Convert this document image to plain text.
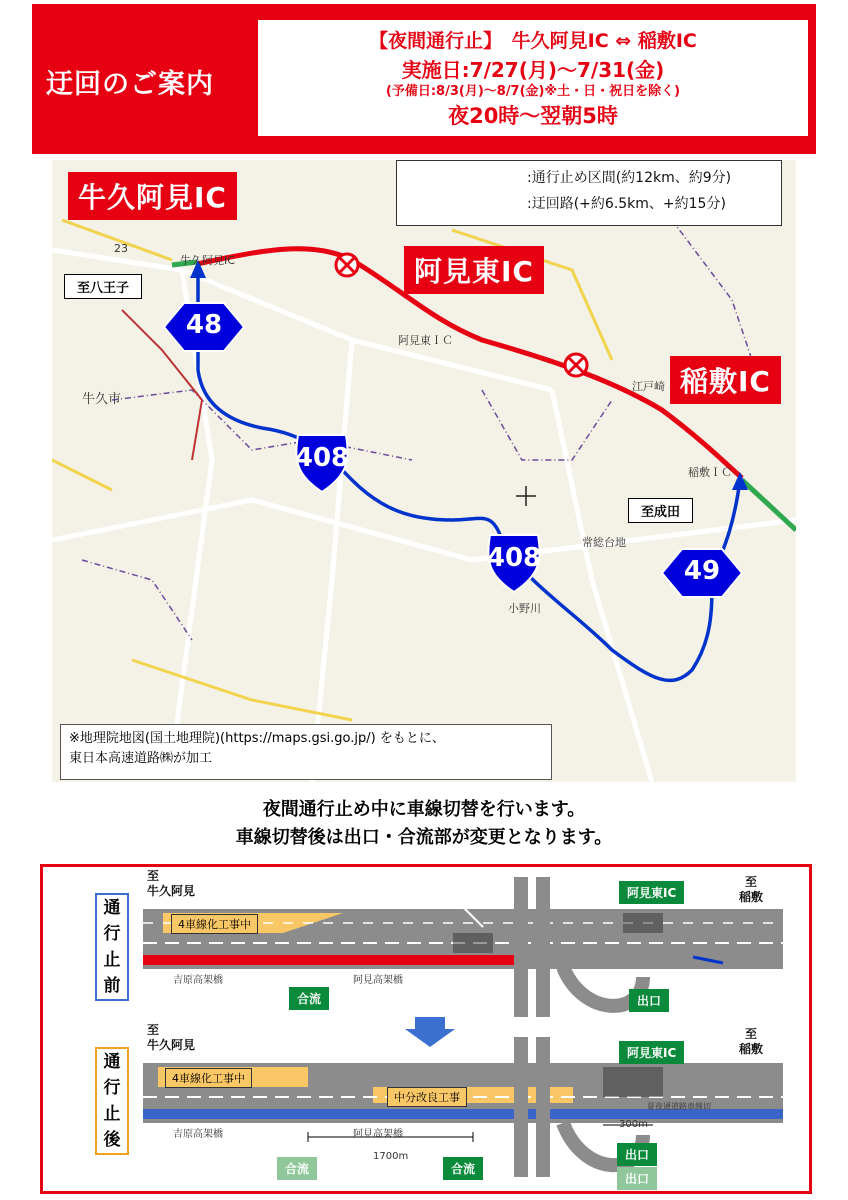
迂回のご案内
【夜間通行止】　牛久阿見IC ⇔ 稲敷IC
実施日:7/27(月)～7/31(金)
(予備日:8/3(月)～8/7(金)※土・日・祝日を除く)
夜20時～翌朝5時
牛久阿見IC
阿見東IC
稲敷IC
至八王子
至成田
:通行止め区間(約12km、約9分)
:迂回路(+約6.5km、+約15分)
48
408
408	49
牛久市
牛久阿見IC
阿見東ＩＣ
稲敷ＩＣ
江戸崎
常総台地
小野川
23
※地理院地図(国土地理院)(https://maps.gsi.go.jp/) をもとに、
東日本高速道路㈱が加工
夜間通行止め中に車線切替を行います。
車線切替後は出口・合流部が変更となります。
通
行
止
前
通
行
止
後
至
牛久阿見
至
稲敷
阿見東IC
4車線化工事中
吉原高架橋	阿見高架橋
合流	出口
至
牛久阿見
至
稲敷
阿見東IC
4車線化工事中
中分改良工事
夏夜通道路車線切
吉原高架橋	阿見高架橋
1700m
300m
合流	合流
出口
出口
